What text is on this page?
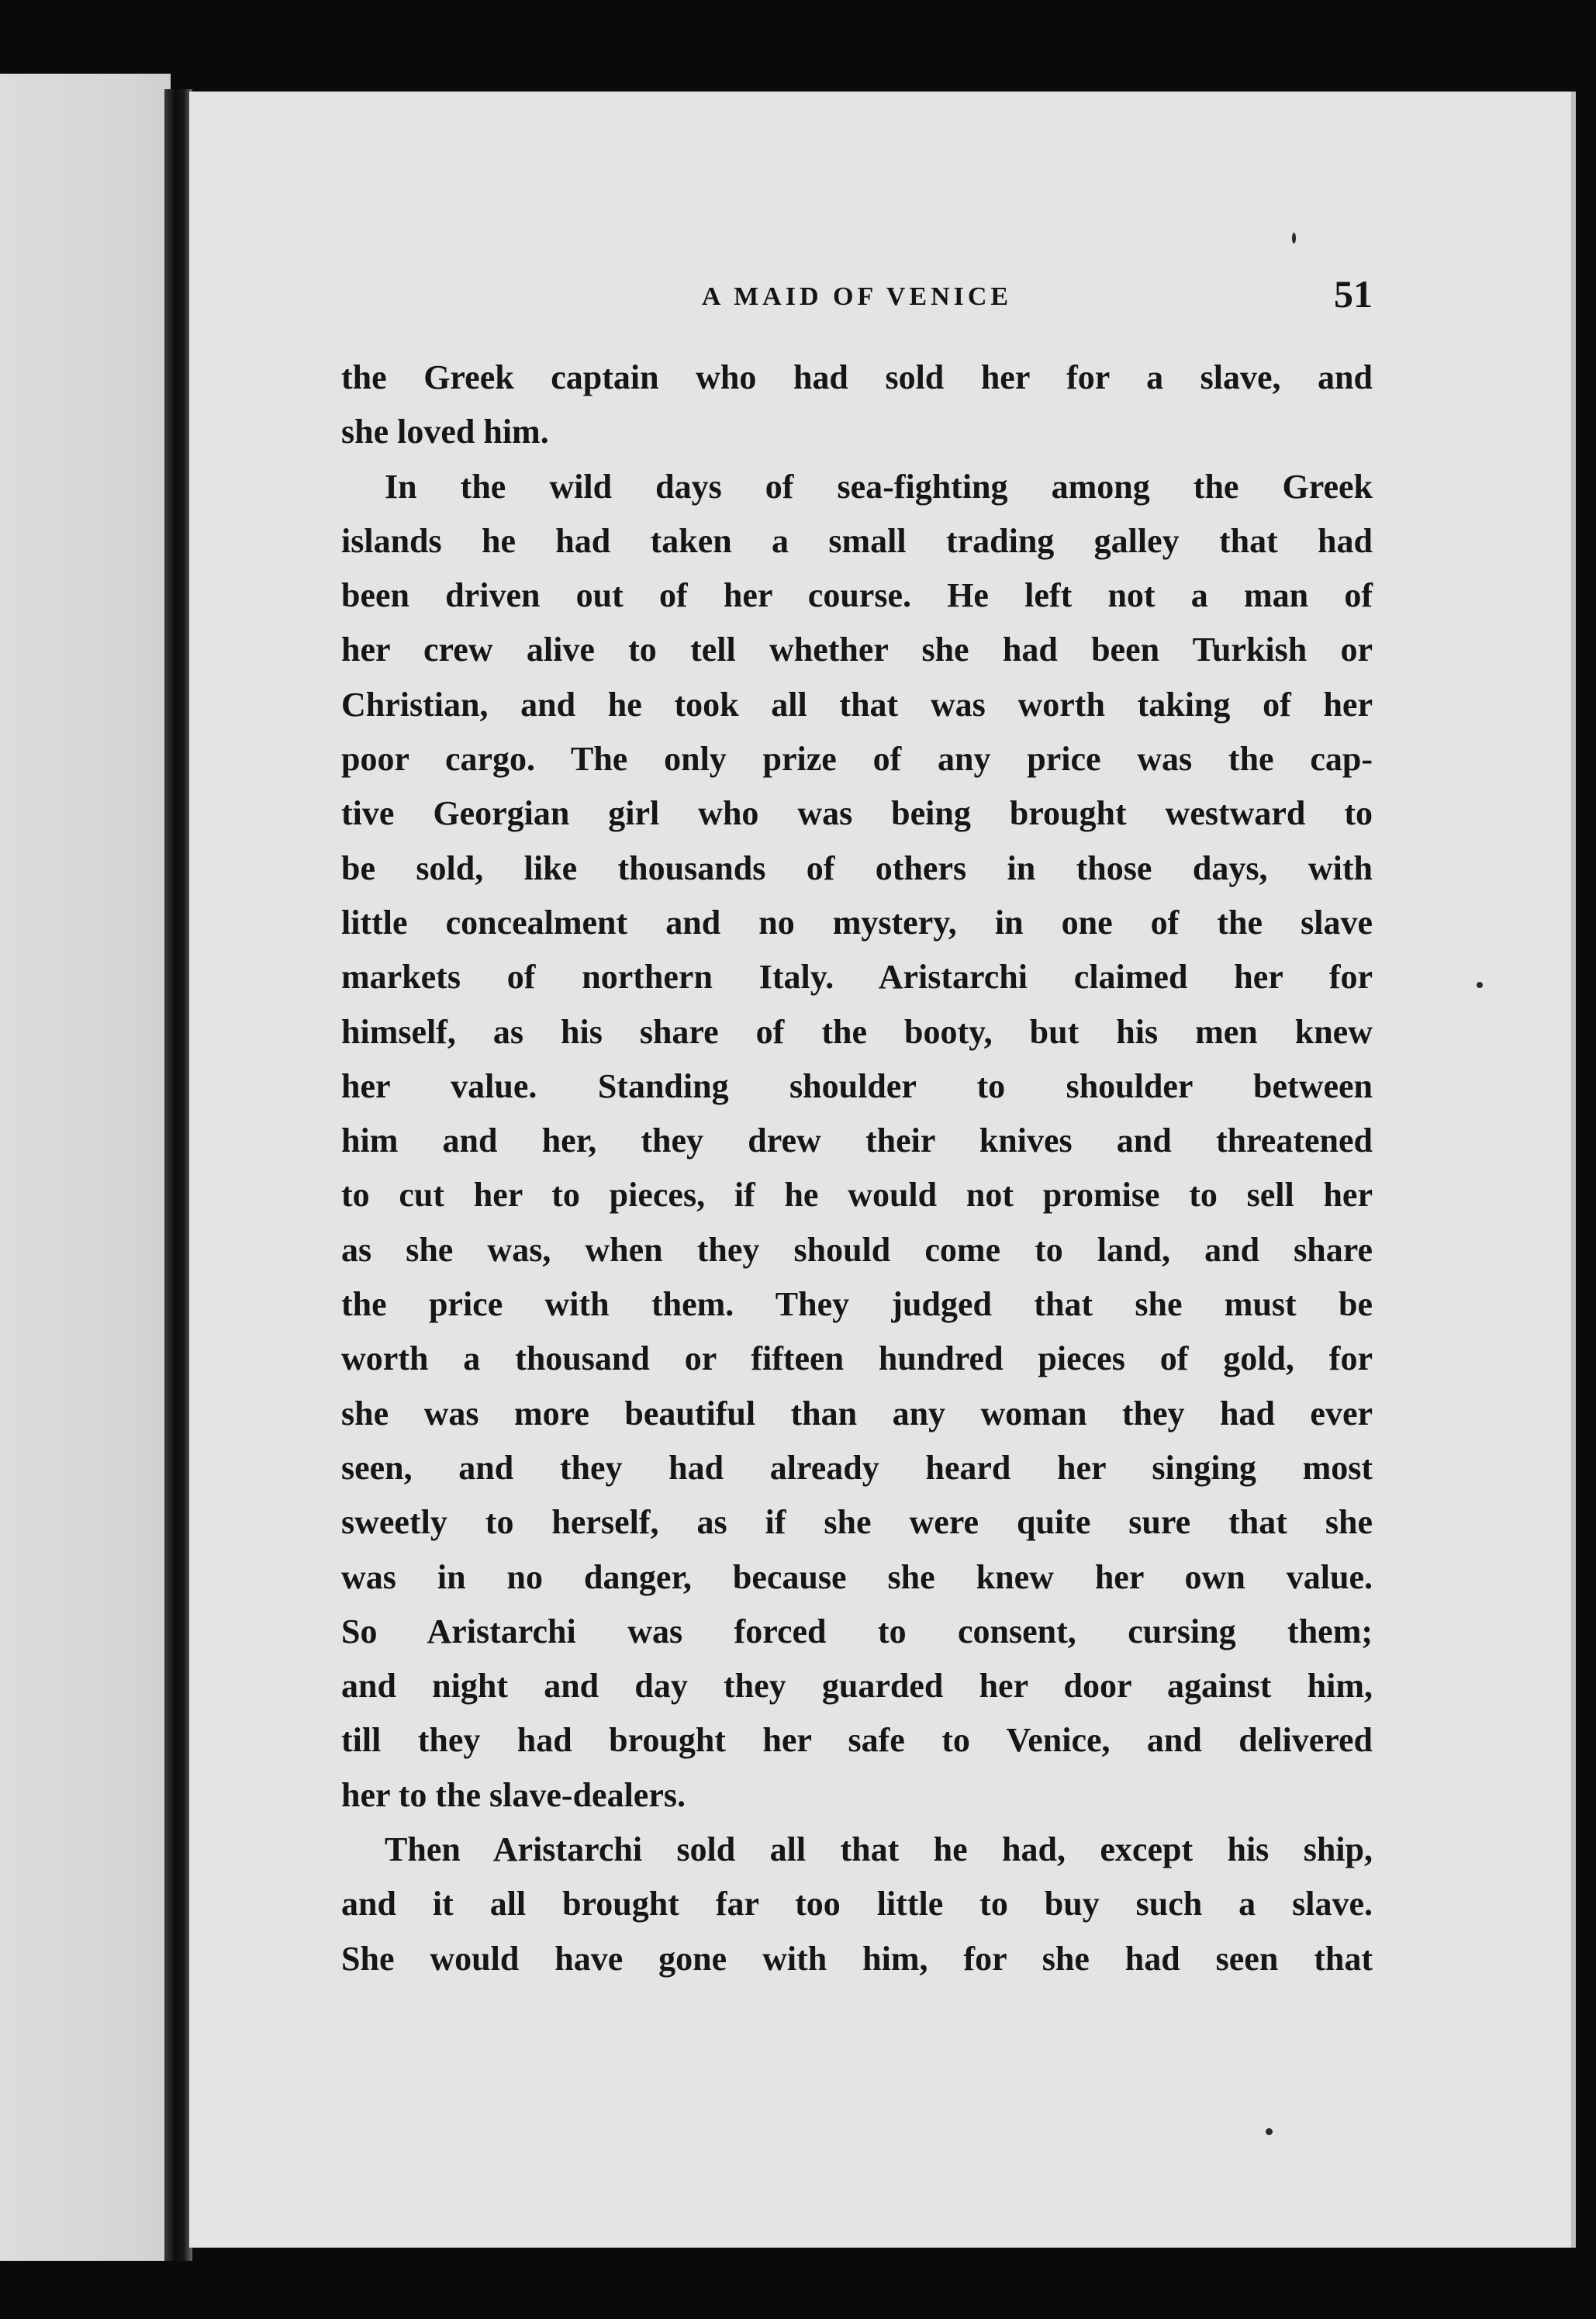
A MAID OF VENICE	51
the Greek captain who had sold her for a slave, and
she loved him.
In the wild days of sea-fighting among the Greek
islands he had taken a small trading galley that had
been driven out of her course. He left not a man of
her crew alive to tell whether she had been Turkish or
Christian, and he took all that was worth taking of her
poor cargo. The only prize of any price was the cap-
tive Georgian girl who was being brought westward to
be sold, like thousands of others in those days, with
little concealment and no mystery, in one of the slave
markets of northern Italy. Aristarchi claimed her for
himself, as his share of the booty, but his men knew
her value. Standing shoulder to shoulder between
him and her, they drew their knives and threatened
to cut her to pieces, if he would not promise to sell her
as she was, when they should come to land, and share
the price with them. They judged that she must be
worth a thousand or fifteen hundred pieces of gold, for
she was more beautiful than any woman they had ever
seen, and they had already heard her singing most
sweetly to herself, as if she were quite sure that she
was in no danger, because she knew her own value.
So Aristarchi was forced to consent, cursing them;
and night and day they guarded her door against him,
till they had brought her safe to Venice, and delivered
her to the slave-dealers.
Then Aristarchi sold all that he had, except his ship,
and it all brought far too little to buy such a slave.
She would have gone with him, for she had seen that
